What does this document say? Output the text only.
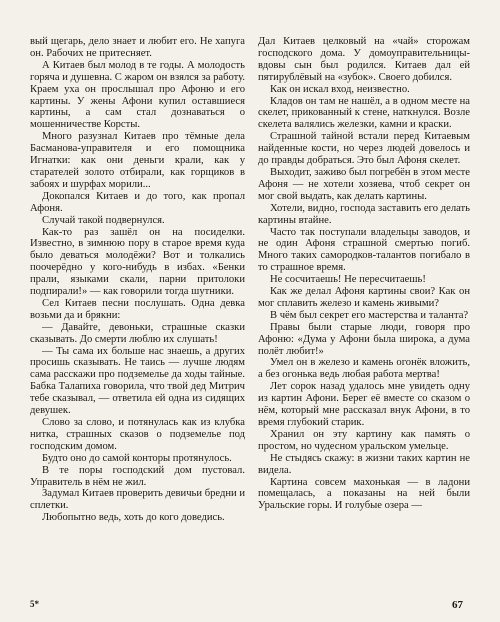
вый щегарь, дело знает и любит его. Не хапуга он. Рабочих не притесняет.

А Китаев был молод в те годы. А молодость горяча и душевна. С жаром он взялся за работу. Краем уха он прослышал про Афоню и его картины. У жены Афони купил оставшиеся картины, а сам стал дознаваться о мошенничестве Корсты.

Много разузнал Китаев про тёмные дела Басманова-управителя и его помощника Игнатки: как они деньги крали, как у старателей золото отбирали, как горщиков в забоях и шурфах морили...

Докопался Китаев и до того, как пропал Афоня.

Случай такой подвернулся.

Как-то раз зашёл он на посиделки. Известно, в зимнюю пору в старое время куда было деваться молодёжи? Вот и толкались поочерёдно у кого-нибудь в избах. «Бенки прали, языками скали, парни притолоки подпирали!» — как говорили тогда шутники.

Сел Китаев песни послушать. Одна девка возьми да и брякни:

— Давайте, девоньки, страшные сказки сказывать. До смерти люблю их слушать!

— Ты сама их больше нас знаешь, а других просишь сказывать. Не таись — лучше людям сама расскажи про подземелье да ходы тайные. Бабка Талапиха говорила, что твой дед Митрич тебе сказывал, — ответила ей одна из сидящих девушек.

Слово за слово, и потянулась как из клубка нитка, страшных сказов о подземелье под господским домом.

Будто оно до самой конторы протянулось.

В те поры господский дом пустовал. Управитель в нём не жил.

Задумал Китаев проверить девичьи бредни и сплетки.

Любопытно ведь, хоть до кого доведись.

Дал Китаев целковый на «чай» сторожам господского дома. У домоуправительницы-вдовы сын был родился. Китаев дал ей пятирублёвый на «зубок». Своего добился.

Как он искал вход, неизвестно.

Кладов он там не нашёл, а в одном месте на скелет, прикованный к стене, наткнулся. Возле скелета валялись железки, камни и краски.

Страшной тайной встали перед Китаевым найденные кости, но через людей довелось и до правды добраться. Это был Афоня скелет.

Выходит, заживо был погребён в этом месте Афоня — не хотели хозяева, чтоб секрет он мог свой выдать, как делать картины.

Хотели, видно, господа заставить его делать картины втайне.

Часто так поступали владельцы заводов, и не один Афоня страшной смертью погиб. Много таких самородков-талантов погибало в то страшное время.

Не сосчитаешь! Не пересчитаешь!

Как же делал Афоня картины свои? Как он мог сплавить железо и камень живыми?

В чём был секрет его мастерства и таланта?

Правы были старые люди, говоря про Афоню: «Дума у Афони была широка, а дума полёт любит!»

Умел он в железо и камень огонёк вложить, а без огонька ведь любая работа мертва!

Лет сорок назад удалось мне увидеть одну из картин Афони. Берег её вместе со сказом о нём, который мне рассказал внук Афони, в то время глубокий старик.

Хранил он эту картину как память о простом, но чудесном уральском умельце.

Не стыдясь скажу: в жизни таких картин не видела.

Картина совсем махонькая — в ладони помещалась, а показаны на ней были Уральские горы. И голубые озера —

5*	67
